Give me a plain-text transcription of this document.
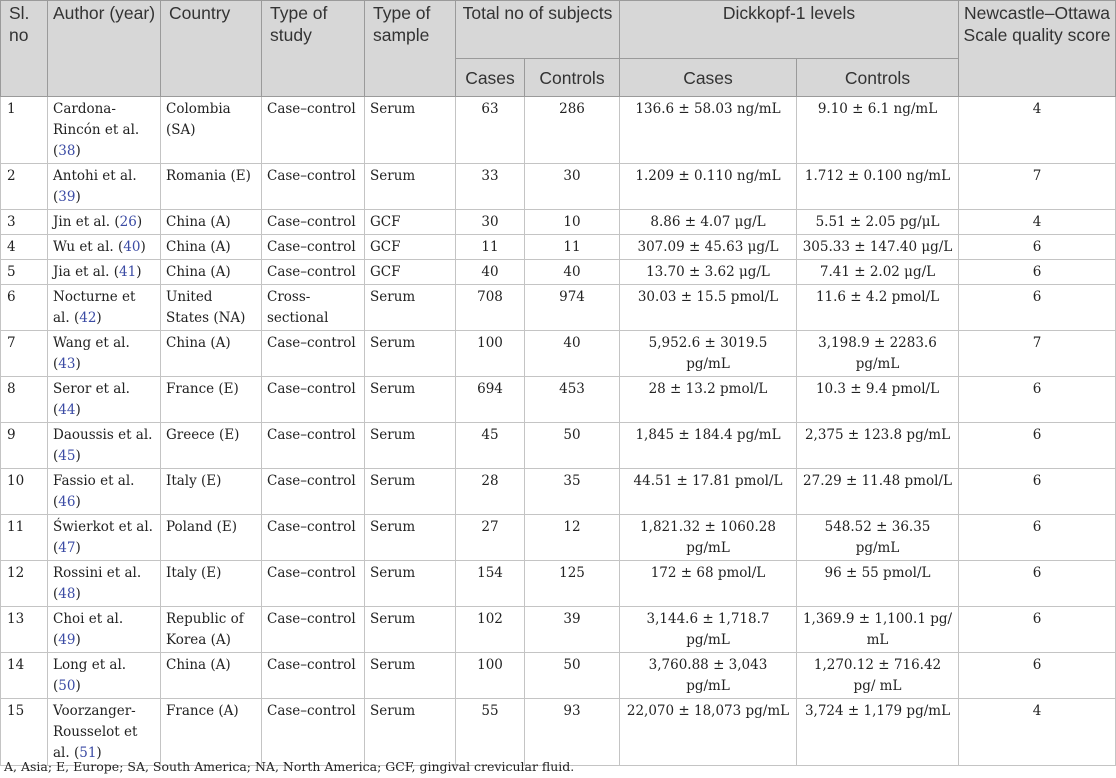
Sl. no	Author (year)	Country	Type of study	Type of sample	Total no of subjects		Dickkopf-1 levels		Newcastle–Ottawa Scale quality score
					Cases	Controls	Cases	Controls	
1	Cardona-Rincón et al. (38)	Colombia (SA)	Case–control	Serum	63	286	136.6 ± 58.03 ng/mL	9.10 ± 6.1 ng/mL	4
2	Antohi et al. (39)	Romania (E)	Case–control	Serum	33	30	1.209 ± 0.110 ng/mL	1.712 ± 0.100 ng/mL	7
3	Jin et al. (26)	China (A)	Case–control	GCF	30	10	8.86 ± 4.07 μg/L	5.51 ± 2.05 pg/μL	4
4	Wu et al. (40)	China (A)	Case–control	GCF	11	11	307.09 ± 45.63 μg/L	305.33 ± 147.40 μg/L	6
5	Jia et al. (41)	China (A)	Case–control	GCF	40	40	13.70 ± 3.62 μg/L	7.41 ± 2.02 μg/L	6
6	Nocturne et al. (42)	United States (NA)	Cross-sectional	Serum	708	974	30.03 ± 15.5 pmol/L	11.6 ± 4.2 pmol/L	6
7	Wang et al. (43)	China (A)	Case–control	Serum	100	40	5,952.6 ± 3019.5 pg/mL	3,198.9 ± 2283.6 pg/mL	7
8	Seror et al. (44)	France (E)	Case–control	Serum	694	453	28 ± 13.2 pmol/L	10.3 ± 9.4 pmol/L	6
9	Daoussis et al. (45)	Greece (E)	Case–control	Serum	45	50	1,845 ± 184.4 pg/mL	2,375 ± 123.8 pg/mL	6
10	Fassio et al. (46)	Italy (E)	Case–control	Serum	28	35	44.51 ± 17.81 pmol/L	27.29 ± 11.48 pmol/L	6
11	Świerkot et al. (47)	Poland (E)	Case–control	Serum	27	12	1,821.32 ± 1060.28 pg/mL	548.52 ± 36.35 pg/mL	6
12	Rossini et al. (48)	Italy (E)	Case–control	Serum	154	125	172 ± 68 pmol/L	96 ± 55 pmol/L	6
13	Choi et al. (49)	Republic of Korea (A)	Case–control	Serum	102	39	3,144.6 ± 1,718.7 pg/mL	1,369.9 ± 1,100.1 pg/ mL	6
14	Long et al. (50)	China (A)	Case–control	Serum	100	50	3,760.88 ± 3,043 pg/mL	1,270.12 ± 716.42 pg/ mL	6
15	Voorzanger-Rousselot et al. (51)	France (A)	Case–control	Serum	55	93	22,070 ± 18,073 pg/mL	3,724 ± 1,179 pg/mL	4
A, Asia; E, Europe; SA, South America; NA, North America; GCF, gingival crevicular fluid.
